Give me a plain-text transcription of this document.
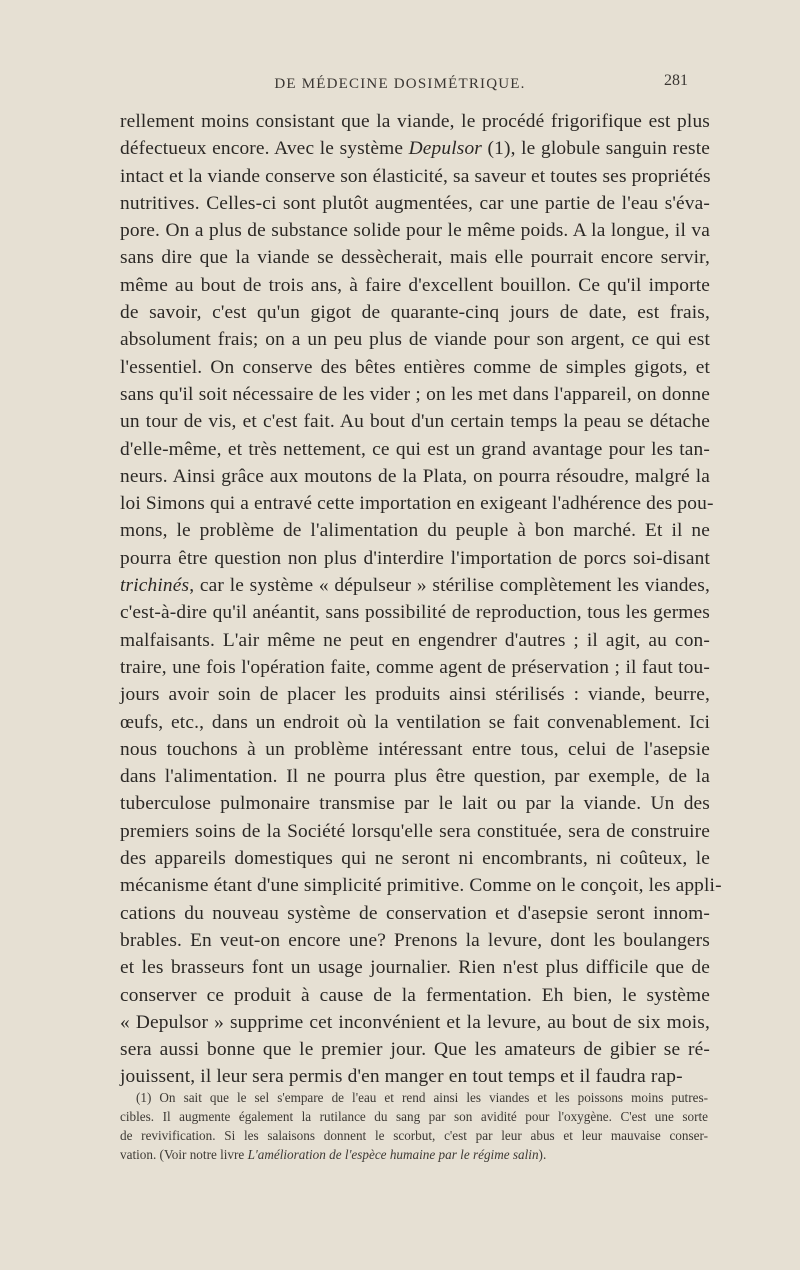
DE MÉDECINE DOSIMÉTRIQUE.	281
rellement moins consistant que la viande, le procédé frigorifique est plus
défectueux encore. Avec le système Depulsor (1), le globule sanguin reste
intact et la viande conserve son élasticité, sa saveur et toutes ses propriétés
nutritives. Celles-ci sont plutôt augmentées, car une partie de l'eau s'éva-
pore. On a plus de substance solide pour le même poids. A la longue, il va
sans dire que la viande se dessècherait, mais elle pourrait encore servir,
même au bout de trois ans, à faire d'excellent bouillon. Ce qu'il importe
de savoir, c'est qu'un gigot de quarante-cinq jours de date, est frais,
absolument frais; on a un peu plus de viande pour son argent, ce qui est
l'essentiel. On conserve des bêtes entières comme de simples gigots, et
sans qu'il soit nécessaire de les vider ; on les met dans l'appareil, on donne
un tour de vis, et c'est fait. Au bout d'un certain temps la peau se détache
d'elle-même, et très nettement, ce qui est un grand avantage pour les tan-
neurs. Ainsi grâce aux moutons de la Plata, on pourra résoudre, malgré la
loi Simons qui a entravé cette importation en exigeant l'adhérence des pou-
mons, le problème de l'alimentation du peuple à bon marché. Et il ne
pourra être question non plus d'interdire l'importation de porcs soi-disant
trichinés, car le système « dépulseur » stérilise complètement les viandes,
c'est-à-dire qu'il anéantit, sans possibilité de reproduction, tous les germes
malfaisants. L'air même ne peut en engendrer d'autres ; il agit, au con-
traire, une fois l'opération faite, comme agent de préservation ; il faut tou-
jours avoir soin de placer les produits ainsi stérilisés : viande, beurre,
œufs, etc., dans un endroit où la ventilation se fait convenablement. Ici
nous touchons à un problème intéressant entre tous, celui de l'asepsie
dans l'alimentation. Il ne pourra plus être question, par exemple, de la
tuberculose pulmonaire transmise par le lait ou par la viande. Un des
premiers soins de la Société lorsqu'elle sera constituée, sera de construire
des appareils domestiques qui ne seront ni encombrants, ni coûteux, le
mécanisme étant d'une simplicité primitive. Comme on le conçoit, les appli-
cations du nouveau système de conservation et d'asepsie seront innom-
brables. En veut-on encore une? Prenons la levure, dont les boulangers
et les brasseurs font un usage journalier. Rien n'est plus difficile que de
conserver ce produit à cause de la fermentation. Eh bien, le système
« Depulsor » supprime cet inconvénient et la levure, au bout de six mois,
sera aussi bonne que le premier jour. Que les amateurs de gibier se ré-
jouissent, il leur sera permis d'en manger en tout temps et il faudra rap-
(1) On sait que le sel s'empare de l'eau et rend ainsi les viandes et les poissons moins putres-
cibles. Il augmente également la rutilance du sang par son avidité pour l'oxygène. C'est une sorte
de revivification. Si les salaisons donnent le scorbut, c'est par leur abus et leur mauvaise conser-
vation. (Voir notre livre L'amélioration de l'espèce humaine par le régime salin).
